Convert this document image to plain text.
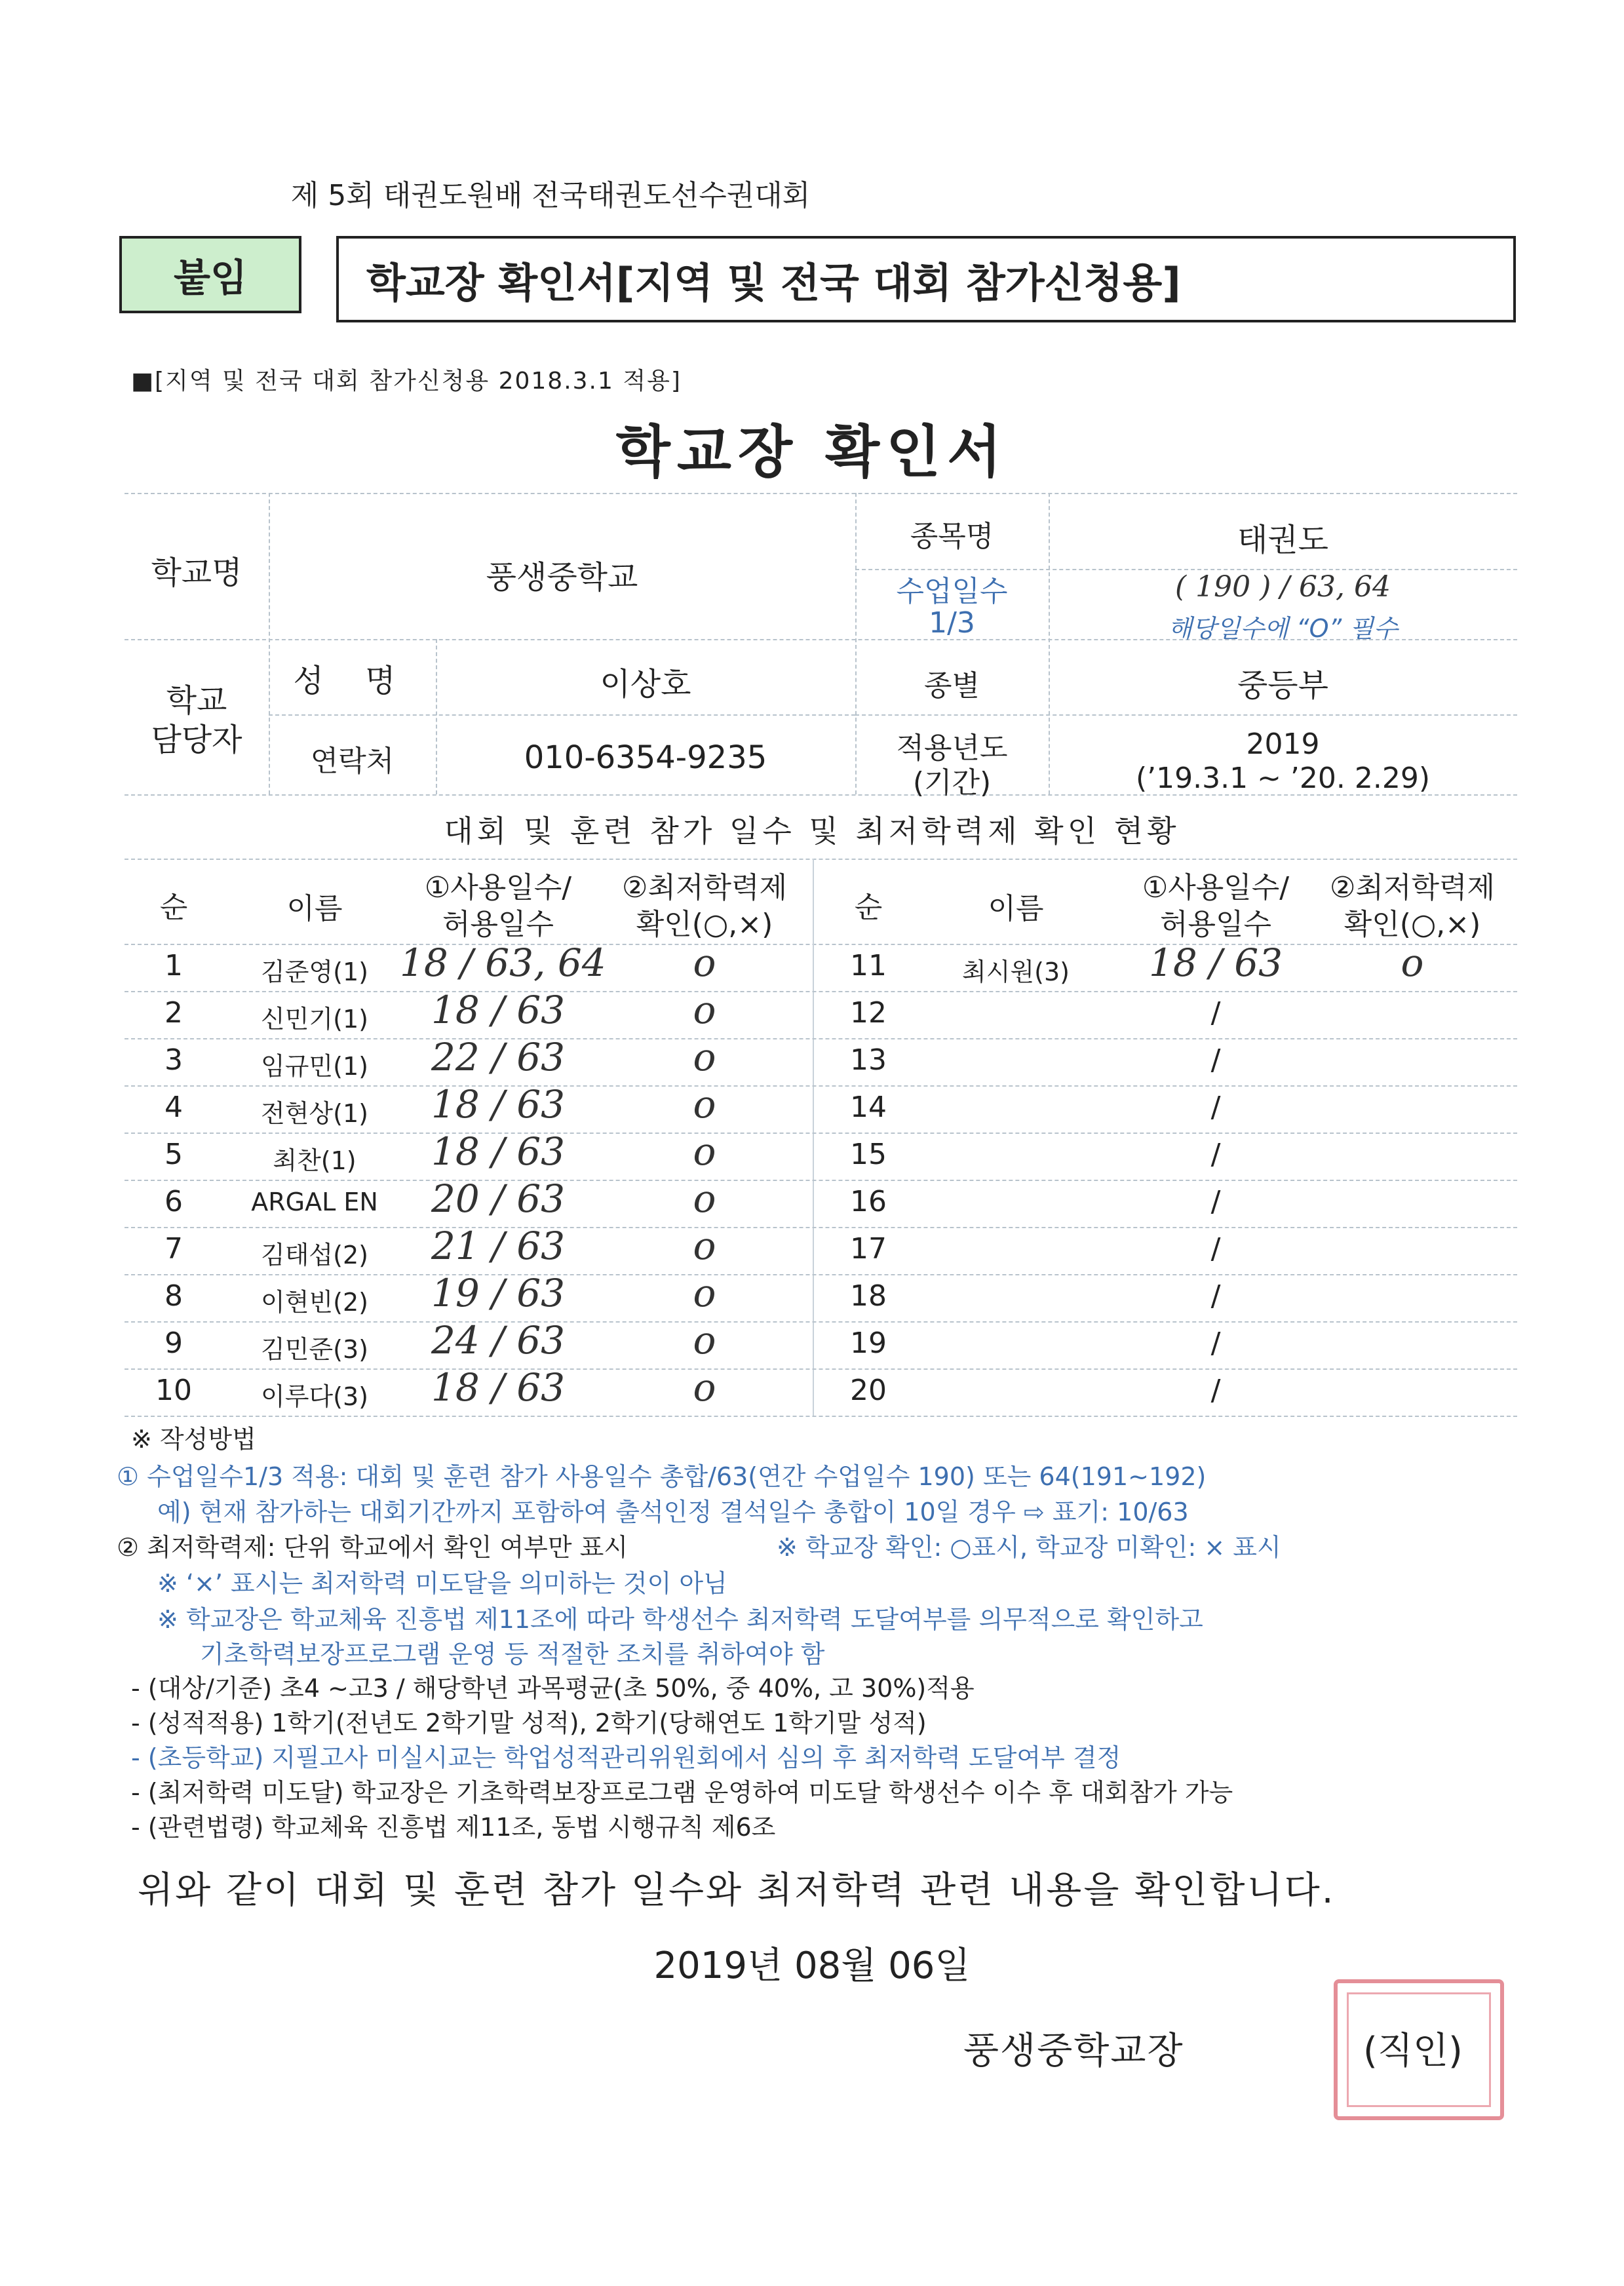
제 5회 태권도원배 전국태권도선수권대회
붙임	학교장 확인서[지역 및 전국 대회 참가신청용]
■[지역 및 전국 대회 참가신청용 2018.3.1 적용]
학교장 확인서
학교명	풍생중학교
종목명	태권도
수업일수
1/3
( 190 ) / 63, 64
해당일수에 “O” 필수
학교
담당자
성 명	이상호
연락처	010-6354-9235
종별	중등부
적용년도
(기간)
2019
(’19.3.1 ~ ’20. 2.29)
대회 및 훈련 참가 일수 및 최저학력제 확인 현황
순	이름
①사용일수/
허용일수
②최저학력제
확인(○,×)
순	이름
①사용일수/
허용일수
②최저학력제
확인(○,×)
1	김준영(1) 18 / 63, 64	o
2	신민기(1)	18 / 63	o
3	임규민(1)	22 / 63	o
4	전현상(1)	18 / 63	o
5	최찬(1)	18 / 63	o
6	ARGAL EN	20 / 63	o
7	김태섭(2)	21 / 63	o
8	이현빈(2)	19 / 63	o
9	김민준(3)	24 / 63	o
10	이루다(3)	18 / 63	o
11	최시원(3)	18 / 63	o
12	/
13	/
14	/
15	/
16	/
17	/
18	/
19	/
20	/
※ 작성방법
① 수업일수1/3 적용: 대회 및 훈련 참가 사용일수 총합/63(연간 수업일수 190) 또는 64(191~192)
예) 현재 참가하는 대회기간까지 포함하여 출석인정 결석일수 총합이 10일 경우 ⇨ 표기: 10/63
② 최저학력제: 단위 학교에서 확인 여부만 표시	※ 학교장 확인: ○표시, 학교장 미확인: × 표시
※ ‘×’ 표시는 최저학력 미도달을 의미하는 것이 아님
※ 학교장은 학교체육 진흥법 제11조에 따라 학생선수 최저학력 도달여부를 의무적으로 확인하고
기초학력보장프로그램 운영 등 적절한 조치를 취하여야 함
- (대상/기준) 초4 ~고3 / 해당학년 과목평균(초 50%, 중 40%, 고 30%)적용
- (성적적용) 1학기(전년도 2학기말 성적), 2학기(당해연도 1학기말 성적)
- (초등학교) 지필고사 미실시교는 학업성적관리위원회에서 심의 후 최저학력 도달여부 결정
- (최저학력 미도달) 학교장은 기초학력보장프로그램 운영하여 미도달 학생선수 이수 후 대회참가 가능
- (관련법령) 학교체육 진흥법 제11조, 동법 시행규칙 제6조
위와 같이 대회 및 훈련 참가 일수와 최저학력 관련 내용을 확인합니다.
2019년 08월 06일
풍생중학교장	(직인)
